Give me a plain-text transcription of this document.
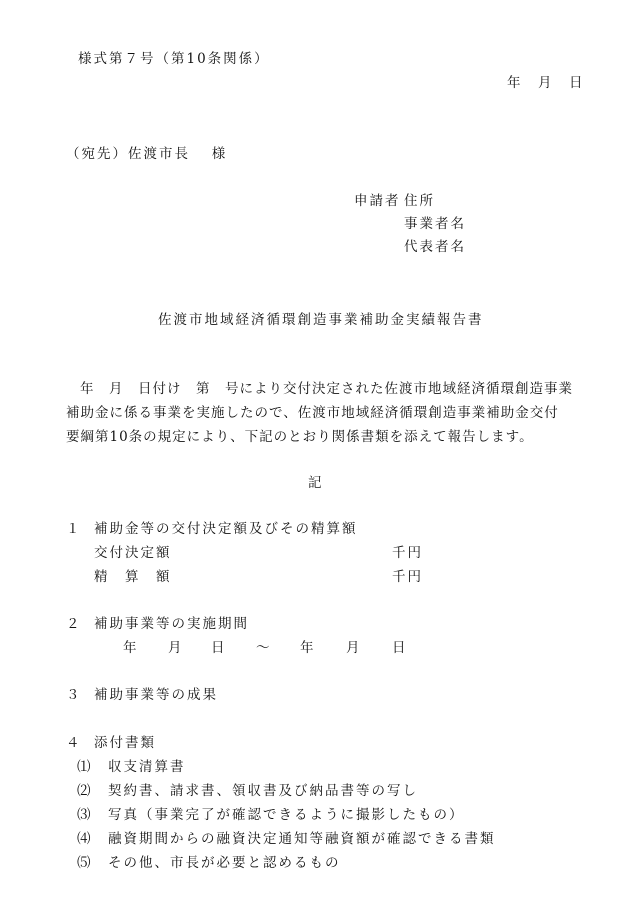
様式第７号（第10条関係）
年　月　日
（宛先）佐渡市長　 様
申請者 住所
事業者名
代表者名
佐渡市地域経済循環創造事業補助金実績報告書
年　月　日付け　第　号により交付決定された佐渡市地域経済循環創造事業
補助金に係る事業を実施したので、佐渡市地域経済循環創造事業補助金交付
要綱第10条の規定により、下記のとおり関係書類を添えて報告します。
記
１ 補助金等の交付決定額及びその精算額
交付決定額	千円
精　算　額	千円
２ 補助事業等の実施期間
年 月 日 ～ 年 月 日
３ 補助事業等の成果
４ 添付書類
⑴ 収支清算書
⑵ 契約書、請求書、領収書及び納品書等の写し
⑶ 写真（事業完了が確認できるように撮影したもの）
⑷ 融資期間からの融資決定通知等融資額が確認できる書類
⑸ その他、市長が必要と認めるもの
